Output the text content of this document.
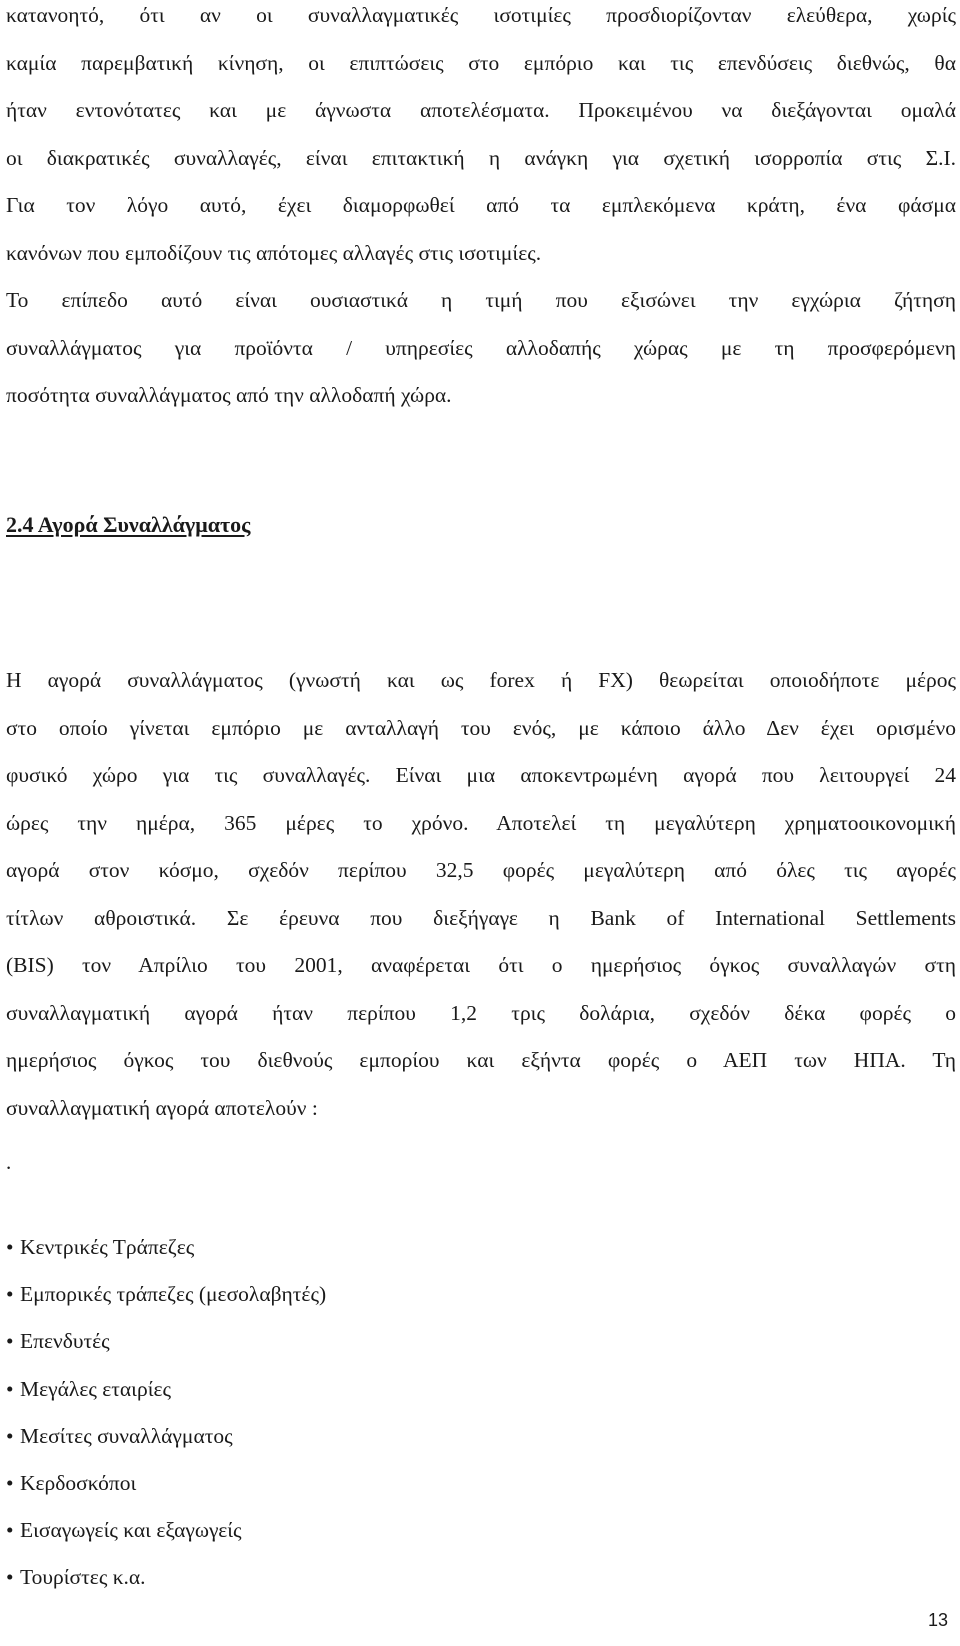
κατανοητό, ότι αν οι συναλλαγματικές ισοτιμίες προσδιορίζονταν ελεύθερα, χωρίς
καμία παρεμβατική κίνηση, οι επιπτώσεις στο εμπόριο και τις επενδύσεις διεθνώς, θα
ήταν εντονότατες και με άγνωστα αποτελέσματα. Προκειμένου να διεξάγονται ομαλά
οι διακρατικές συναλλαγές, είναι επιτακτική η ανάγκη για σχετική ισορροπία στις Σ.Ι.
Για τον λόγο αυτό, έχει διαμορφωθεί από τα εμπλεκόμενα κράτη, ένα φάσμα
κανόνων που εμποδίζουν τις απότομες αλλαγές στις ισοτιμίες.
Το επίπεδο αυτό είναι ουσιαστικά η τιμή που εξισώνει την εγχώρια ζήτηση
συναλλάγματος για προϊόντα / υπηρεσίες αλλοδαπής χώρας με τη προσφερόμενη
ποσότητα συναλλάγματος από την αλλοδαπή χώρα.

2.4 Αγορά Συναλλάγματος

Η αγορά συναλλάγματος (γνωστή και ως forex ή FX) θεωρείται οποιοδήποτε μέρος
στο οποίο γίνεται εμπόριο με ανταλλαγή του ενός, με κάποιο άλλο Δεν έχει ορισμένο
φυσικό χώρο για τις συναλλαγές. Είναι μια αποκεντρωμένη αγορά που λειτουργεί 24
ώρες την ημέρα, 365 μέρες το χρόνο. Αποτελεί τη μεγαλύτερη χρηματοοικονομική
αγορά στον κόσμο, σχεδόν περίπου 32,5 φορές μεγαλύτερη από όλες τις αγορές
τίτλων αθροιστικά. Σε έρευνα που διεξήγαγε η Bank of International Settlements
(BIS) τον Απρίλιο του 2001, αναφέρεται ότι ο ημερήσιος όγκος συναλλαγών στη
συναλλαγματική αγορά ήταν περίπου 1,2 τρις δολάρια, σχεδόν δέκα φορές ο
ημερήσιος όγκος του διεθνούς εμπορίου και εξήντα φορές ο ΑΕΠ των ΗΠΑ. Τη
συναλλαγματική αγορά αποτελούν :

.
• Κεντρικές Τράπεζες
• Εμπορικές τράπεζες (μεσολαβητές)
• Επενδυτές
• Μεγάλες εταιρίες
• Μεσίτες συναλλάγματος
• Κερδοσκόποι
• Εισαγωγείς και εξαγωγείς
• Τουρίστες κ.α.
13
